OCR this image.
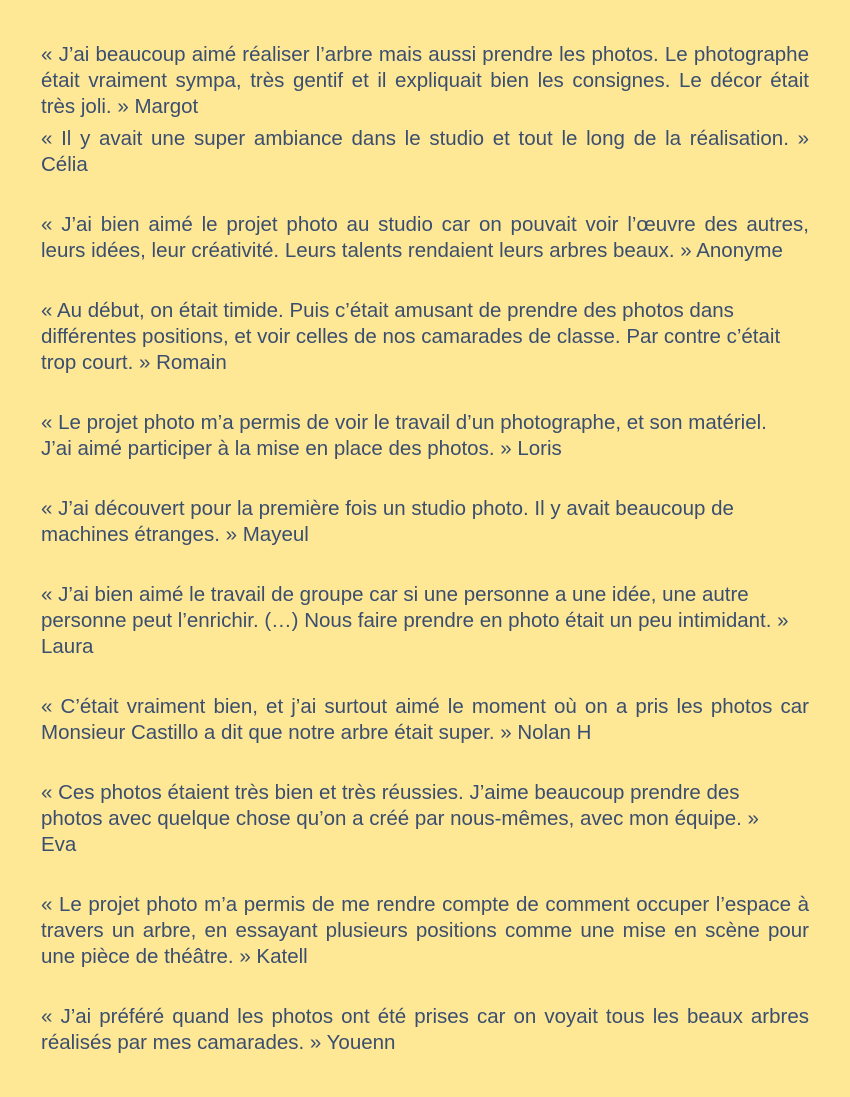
« J’ai beaucoup aimé réaliser l’arbre mais aussi prendre les photos. Le photographe était vraiment sympa, très gentif et il expliquait bien les consignes. Le décor était très joli. » Margot

« Il y avait une super ambiance dans le studio et tout le long de la réalisation. » Célia

« J’ai bien aimé le projet photo au studio car on pouvait voir l’œuvre des autres, leurs idées, leur créativité. Leurs talents rendaient leurs arbres beaux. » Anonyme

« Au début, on était timide. Puis c’était amusant de prendre des photos dans différentes positions, et voir celles de nos camarades de classe. Par contre c’était trop court. » Romain

« Le projet photo m’a permis de voir le travail d’un photographe, et son matériel. J’ai aimé participer à la mise en place des photos. » Loris

« J’ai découvert pour la première fois un studio photo. Il y avait beaucoup de machines étranges. » Mayeul

« J’ai bien aimé le travail de groupe car si une personne a une idée, une autre personne peut l’enrichir. (…) Nous faire prendre en photo était un peu intimidant. » Laura

« C’était vraiment bien, et j’ai surtout aimé le moment où on a pris les photos car Monsieur Castillo a dit que notre arbre était super. » Nolan H

« Ces photos étaient très bien et très réussies. J’aime beaucoup prendre des photos avec quelque chose qu’on a créé par nous-mêmes, avec mon équipe. » Eva

« Le projet photo m’a permis de me rendre compte de comment occuper l’espace à travers un arbre, en essayant plusieurs positions comme une mise en scène pour une pièce de théâtre. » Katell

« J’ai préféré quand les photos ont été prises car on voyait tous les beaux arbres réalisés par mes camarades. » Youenn
